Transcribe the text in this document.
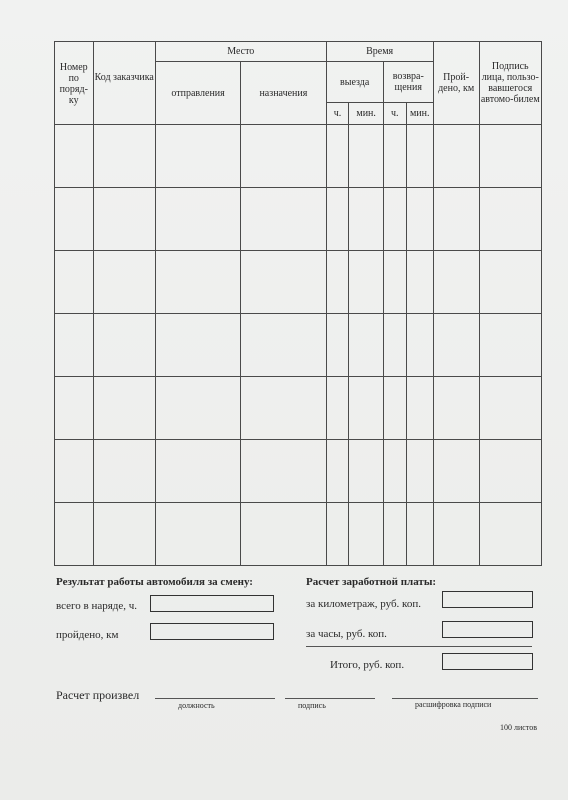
Номер по поряд-ку	Код заказчика	Место		Время				Прой-дено, км	Подпись лица, пользо-вавшегося автомо-билем
		отправления	назначения	выезда		возвра-щения			
				ч.	мин.	ч.	мин.		

Результат работы автомобиля за смену:
всего в наряде, ч.
пройдено, км
Расчет заработной платы:
за километраж, руб. коп.
за часы, руб. коп.
Итого, руб. коп.
Расчет произвел
должность	подпись	расшифровка подписи
100 листов
